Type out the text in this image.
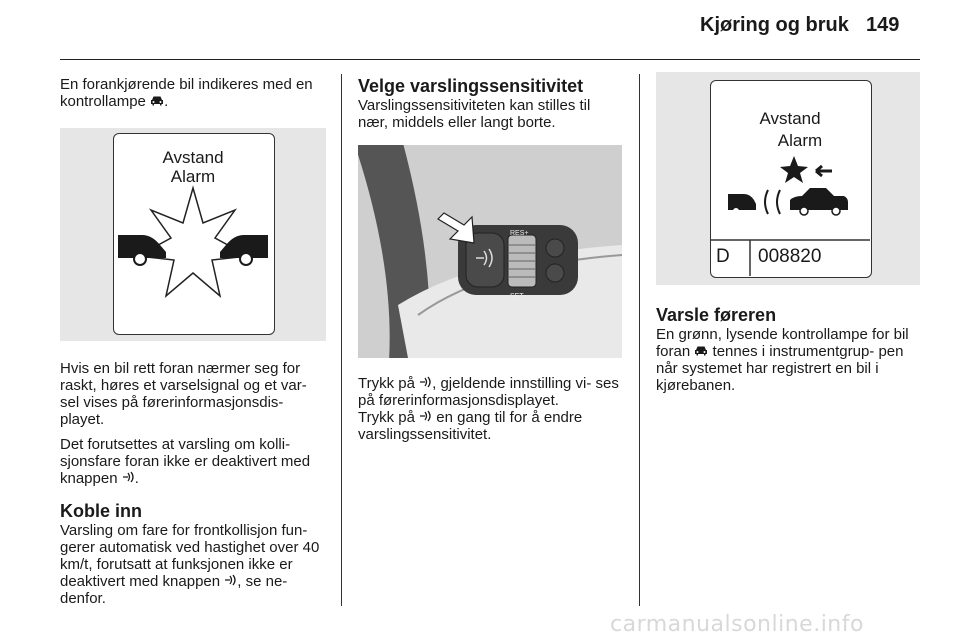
Kjøring og bruk 149

En forankjørende bil indikeres med en kontrollampe .

Avstand
Alarm

Hvis en bil rett foran nærmer seg for raskt, høres et varselsignal og et var- sel vises på førerinformasjonsdis- playet.

Det forutsettes at varsling om kolli- sjonsfare foran ikke er deaktivert med knappen .

Koble inn

Varsling om fare for frontkollisjon fun- gerer automatisk ved hastighet over 40 km/t, forutsatt at funksjonen ikke er deaktivert med knappen , se ne- denfor.

Velge varslingssensitivitet

Varslingssensitiviteten kan stilles til nær, middels eller langt borte.

RES+
SET-

Trykk på , gjeldende innstilling vi- ses på førerinformasjonsdisplayet.

Trykk på en gang til for å endre varslingssensitivitet.

Avstand
Alarm
D 008820
Varsle føreren

En grønn, lysende kontrollampe for bil foran tennes i instrumentgrup- pen når systemet har registrert en bil i kjørebanen.

carmanualsonline.info
